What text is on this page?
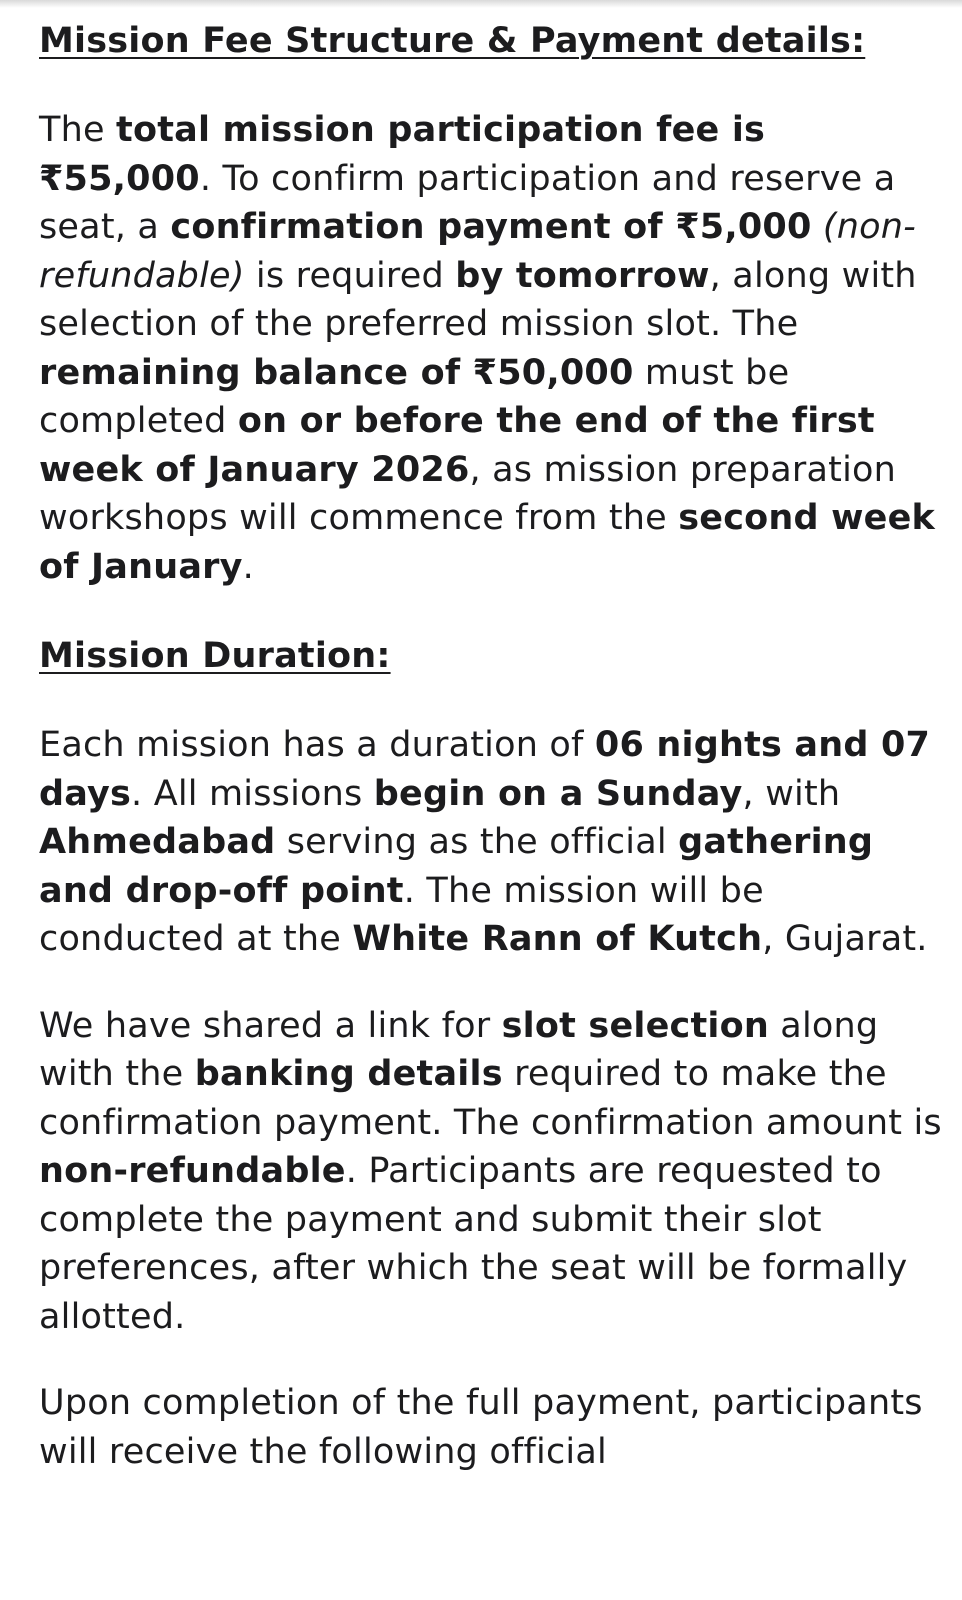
Mission Fee Structure & Payment details:
The total mission participation fee is ₹55,000. To confirm participation and reserve a seat, a confirmation payment of ₹5,000 (non-refundable) is required by tomorrow, along with selection of the preferred mission slot. The remaining balance of ₹50,000 must be completed on or before the end of the first week of January 2026, as mission preparation workshops will commence from the second week of January.
Mission Duration:
Each mission has a duration of 06 nights and 07 days. All missions begin on a Sunday, with Ahmedabad serving as the official gathering and drop-off point. The mission will be conducted at the White Rann of Kutch, Gujarat.
We have shared a link for slot selection along with the banking details required to make the confirmation payment. The confirmation amount is non-refundable. Participants are requested to complete the payment and submit their slot preferences, after which the seat will be formally allotted.
Upon completion of the full payment, participants will receive the following official
